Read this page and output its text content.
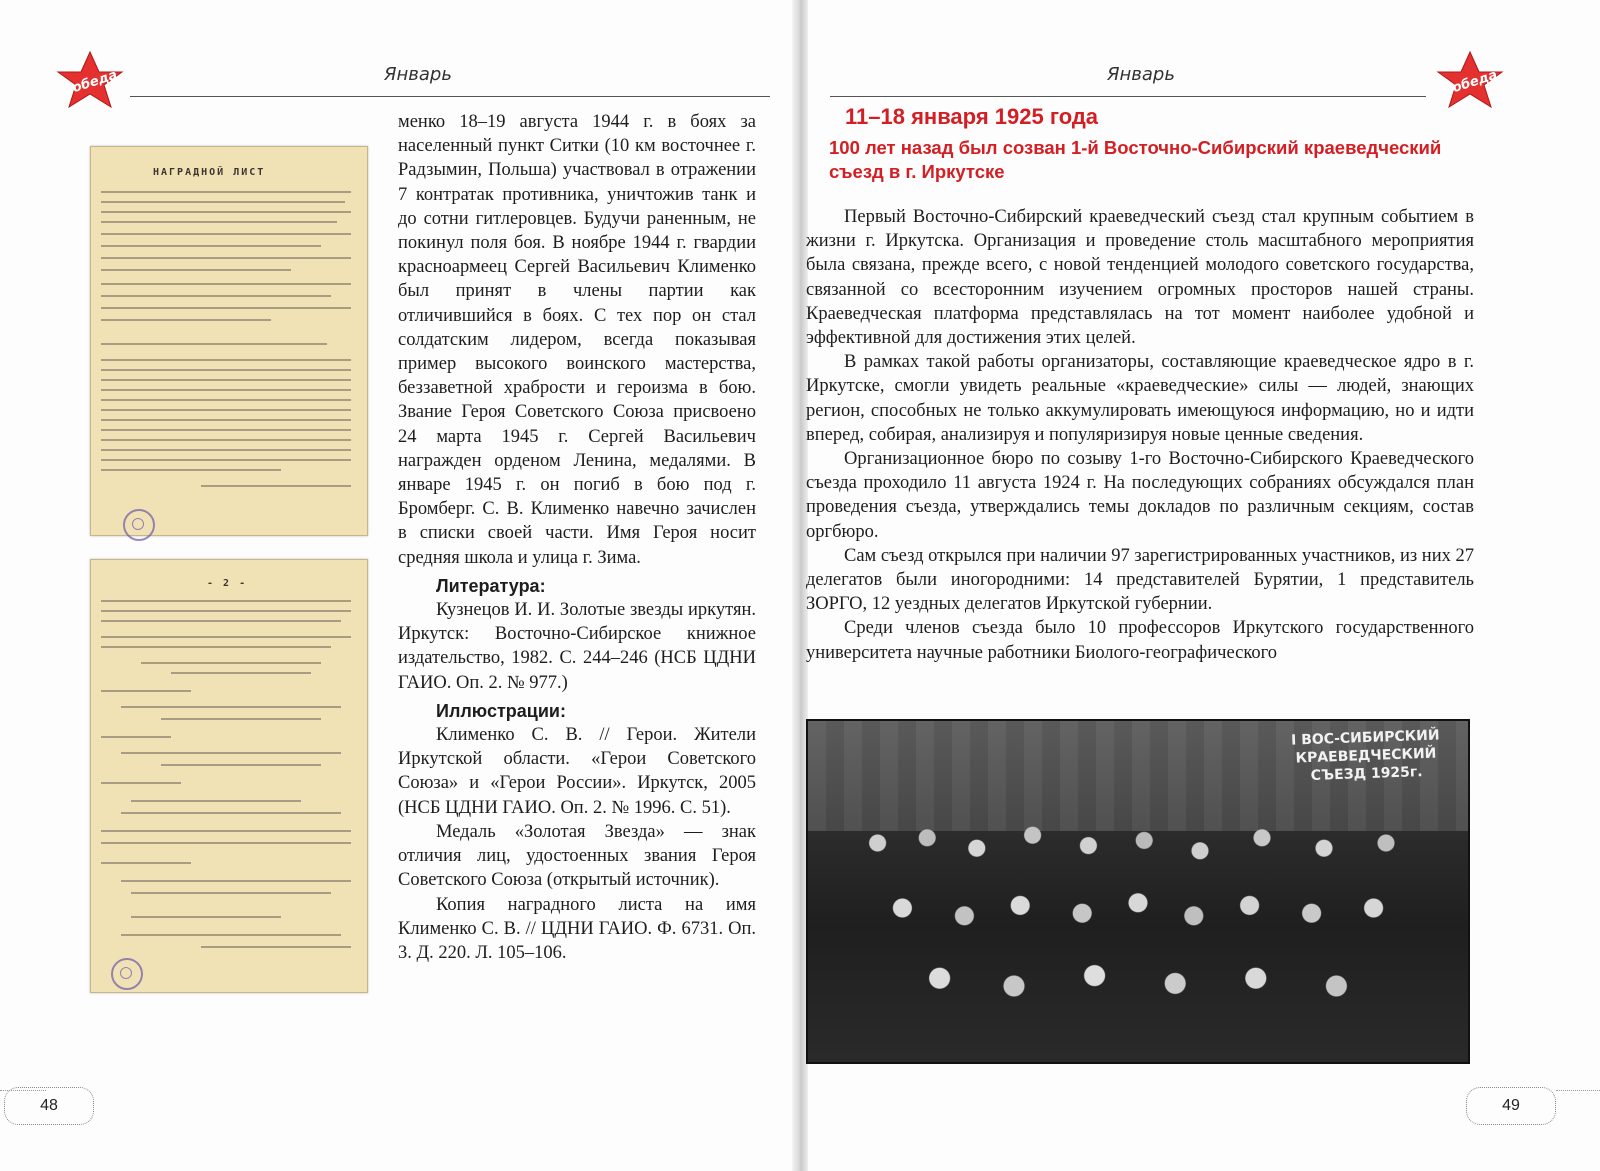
Победа	Январь
НАГРАДНОЙ ЛИСТ
- 2 -

менко 18–19 августа 1944 г. в боях за населенный пункт Ситки (10 км восточнее г. Радзымин, Польша) участвовал в отражении 7 контратак противника, уничтожив танк и до сотни гитлеровцев. Будучи раненным, не покинул поля боя. В ноябре 1944 г. гвардии красноармеец Сергей Васильевич Клименко был принят в члены партии как отличившийся в боях. С тех пор он стал солдатским лидером, всегда показывая пример высокого воинского мастерства, беззаветной храбрости и героизма в бою. Звание Героя Советского Союза присвоено 24 марта 1945 г. Сергей Васильевич награжден орденом Ленина, медалями. В январе 1945 г. он погиб в бою под г. Бромберг. С. В. Клименко навечно зачислен в списки своей части. Имя Героя носит средняя школа и улица г. Зима.

Литература:

Кузнецов И. И. Золотые звезды иркутян. Иркутск: Восточно-Сибирское книжное издательство, 1982. С. 244–246 (НСБ ЦДНИ ГАИО. Оп. 2. № 977.)

Иллюстрации:

Клименко С. В. // Герои. Жители Иркутской области. «Герои Советского Союза» и «Герои России». Иркутск, 2005 (НСБ ЦДНИ ГАИО. Оп. 2. № 1996. С. 51).

Медаль «Золотая Звезда» — знак отличия лиц, удостоенных звания Героя Советского Союза (открытый источник).

Копия наградного листа на имя Клименко С. В. // ЦДНИ ГАИО. Ф. 6731. Оп. 3. Д. 220. Л. 105–106.

48
Январь	Победа
11–18 января 1925 года
100 лет назад был созван 1-й Восточно-Сибирский краеведческий съезд в г. Иркутске

Первый Восточно-Сибирский краеведческий съезд стал крупным событием в жизни г. Иркутска. Организация и проведение столь масштабного мероприятия была связана, прежде всего, с новой тенденцией молодого советского государства, связанной со всесторонним изучением огромных просторов нашей страны. Краеведческая платформа представлялась на тот момент наиболее удобной и эффективной для достижения этих целей.

В рамках такой работы организаторы, составляющие краеведческое ядро в г. Иркутске, смогли увидеть реальные «краеведческие» силы — людей, знающих регион, способных не только аккумулировать имеющуюся информацию, но и идти вперед, собирая, анализируя и популяризируя новые ценные сведения.

Организационное бюро по созыву 1-го Восточно-Сибирского Краеведческого съезда проходило 11 августа 1924 г. На последующих собраниях обсуждался план проведения съезда, утверждались темы докладов по различным секциям, состав оргбюро.

Сам съезд открылся при наличии 97 зарегистрированных участников, из них 27 делегатов были иногородними: 14 представителей Бурятии, 1 представитель ЗОРГО, 12 уездных делегатов Иркутской губернии.

Среди членов съезда было 10 профессоров Иркутского государственного университета научные работники Биолого-географического

I ВОС-СИБИРСКИЙ КРАЕВЕДЧЕСКИЙ СЪЕЗД 1925г.
49
